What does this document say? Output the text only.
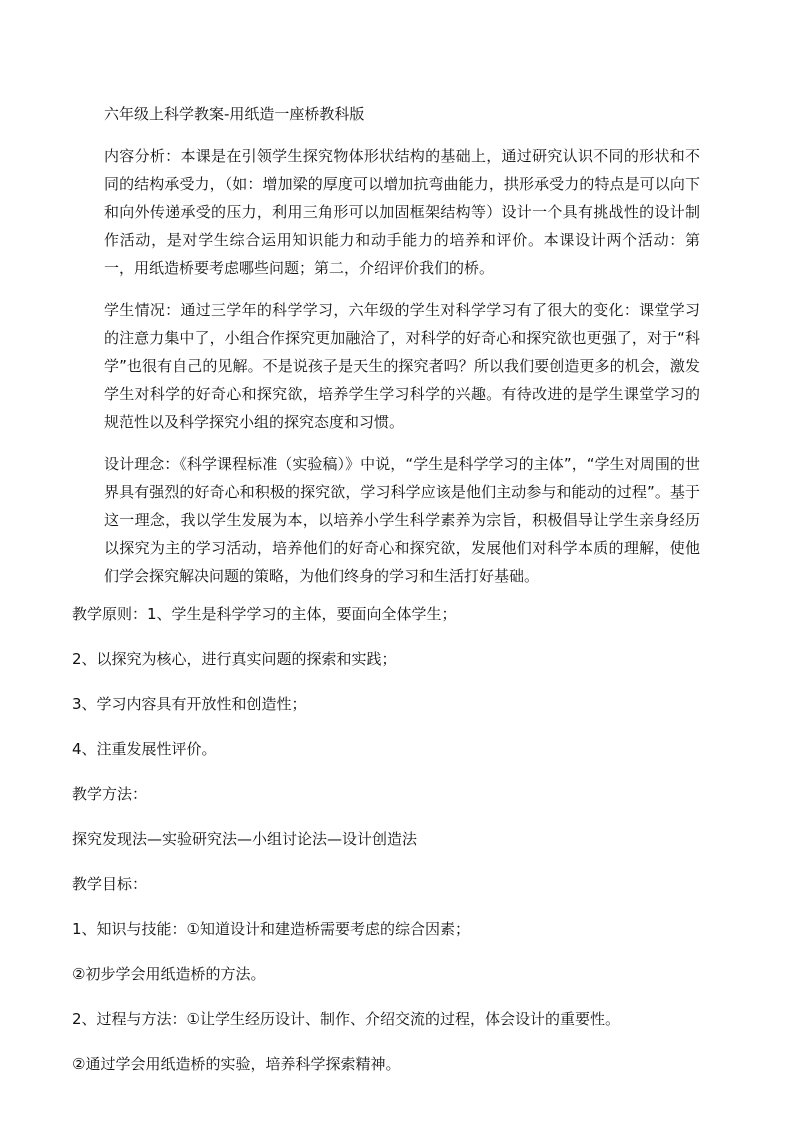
六年级上科学教案-用纸造一座桥教科版

内容分析：本课是在引领学生探究物体形状结构的基础上，通过研究认识不同的形状和不同的结构承受力，（如：增加梁的厚度可以增加抗弯曲能力，拱形承受力的特点是可以向下和向外传递承受的压力，利用三角形可以加固框架结构等）设计一个具有挑战性的设计制作活动，是对学生综合运用知识能力和动手能力的培养和评价。本课设计两个活动：第一，用纸造桥要考虑哪些问题；第二，介绍评价我们的桥。

学生情况：通过三学年的科学学习，六年级的学生对科学学习有了很大的变化：课堂学习的注意力集中了，小组合作探究更加融洽了，对科学的好奇心和探究欲也更强了，对于“科学”也很有自己的见解。不是说孩子是天生的探究者吗？所以我们要创造更多的机会，激发学生对科学的好奇心和探究欲，培养学生学习科学的兴趣。有待改进的是学生课堂学习的规范性以及科学探究小组的探究态度和习惯。

设计理念：《科学课程标准（实验稿）》中说，“学生是科学学习的主体”，“学生对周围的世界具有强烈的好奇心和积极的探究欲，学习科学应该是他们主动参与和能动的过程”。基于这一理念，我以学生发展为本，以培养小学生科学素养为宗旨，积极倡导让学生亲身经历以探究为主的学习活动，培养他们的好奇心和探究欲，发展他们对科学本质的理解，使他们学会探究解决问题的策略，为他们终身的学习和生活打好基础。

教学原则：1、学生是科学学习的主体，要面向全体学生；

2、以探究为核心，进行真实问题的探索和实践；

3、学习内容具有开放性和创造性；

4、注重发展性评价。

教学方法：

探究发现法—实验研究法—小组讨论法—设计创造法

教学目标：

1、知识与技能：①知道设计和建造桥需要考虑的综合因素；

②初步学会用纸造桥的方法。

2、过程与方法：①让学生经历设计、制作、介绍交流的过程，体会设计的重要性。

②通过学会用纸造桥的实验，培养科学探索精神。
